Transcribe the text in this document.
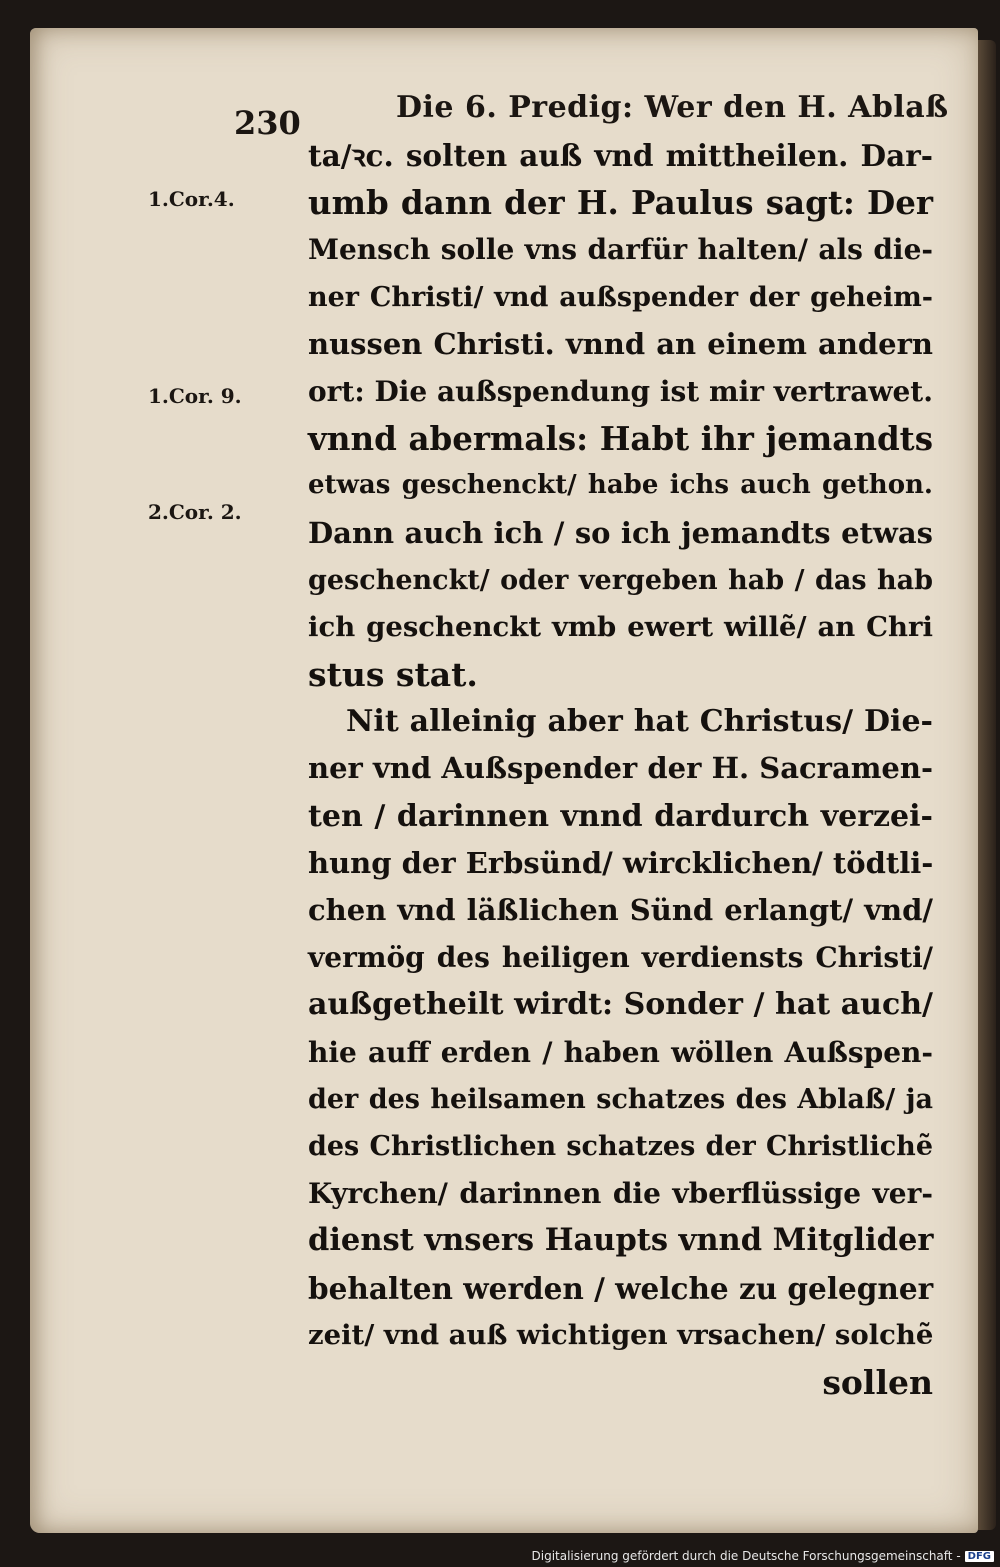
230	Die 6. Predig: Wer den H. Ablaß
1.Cor.4.
1.Cor. 9.
2.Cor. 2.
ta/ꝛc. solten auß vnd mittheilen. Dar-
umb dann der H. Paulus sagt: Der
Mensch solle vns darfür halten/ als die-
ner Christi/ vnd außspender der geheim-
nussen Christi. vnnd an einem andern
ort: Die außspendung ist mir vertrawet.
vnnd abermals: Habt ihr jemandts
etwas geschenckt/ habe ichs auch gethon.
Dann auch ich / so ich jemandts etwas
geschenckt/ oder vergeben hab / das hab
ich geschenckt vmb ewert willẽ/ an Chri
stus stat.
Nit alleinig aber hat Christus/ Die-
ner vnd Außspender der H. Sacramen-
ten / darinnen vnnd dardurch verzei-
hung der Erbsünd/ wircklichen/ tödtli-
chen vnd läßlichen Sünd erlangt/ vnd/
vermög des heiligen verdiensts Christi/
außgetheilt wirdt: Sonder / hat auch/
hie auff erden / haben wöllen Außspen-
der des heilsamen schatzes des Ablaß/ ja
des Christlichen schatzes der Christlichẽ
Kyrchen/ darinnen die vberflüssige ver-
dienst vnsers Haupts vnnd Mitglider
behalten werden / welche zu gelegner
zeit/ vnd auß wichtigen vrsachen/ solchẽ
sollen
Digitalisierung gefördert durch die Deutsche Forschungsgemeinschaft - DFG
